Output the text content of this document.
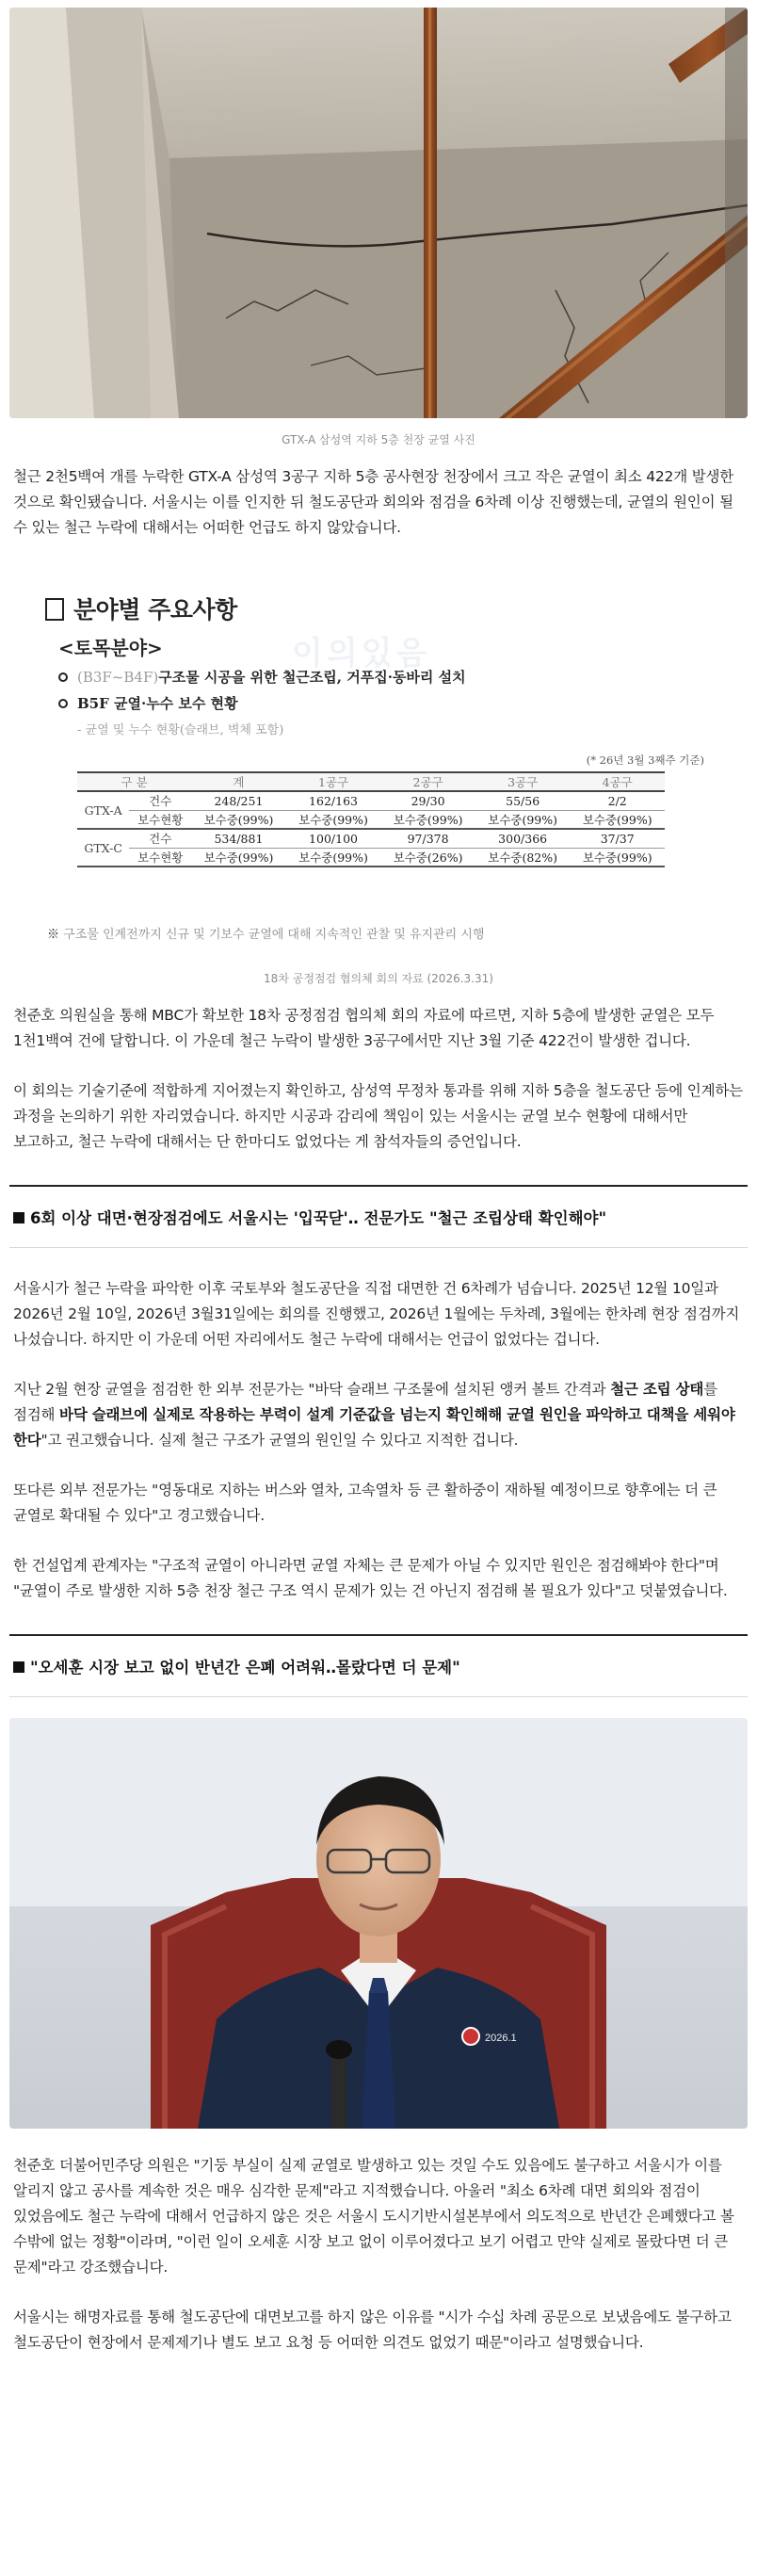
GTX-A 삼성역 지하 5층 천장 균열 사진

철근 2천5백여 개를 누락한 GTX-A 삼성역 3공구 지하 5층 공사현장 천장에서 크고 작은 균열이 최소 422개 발생한 것으로 확인됐습니다. 서울시는 이를 인지한 뒤 철도공단과 회의와 점검을 6차례 이상 진행했는데, 균열의 원인이 될 수 있는 철근 누락에 대해서는 어떠한 언급도 하지 않았습니다.

이의있음
분야별 주요사항
<토목분야>
(B3F~B4F)구조물 시공을 위한 철근조립, 거푸집·동바리 설치
B5F 균열·누수 보수 현황
- 균열 및 누수 현황(슬래브, 벽체 포함)
(* 26년 3월 3째주 기준)
구 분		계	1공구	2공구	3공구	4공구
GTX-A	건수	248/251	162/163	29/30	55/56	2/2
	보수현황	보수중(99%)	보수중(99%)	보수중(99%)	보수중(99%)	보수중(99%)
GTX-C	건수	534/881	100/100	97/378	300/366	37/37
	보수현황	보수중(99%)	보수중(99%)	보수중(26%)	보수중(82%)	보수중(99%)
※ 구조물 인계전까지 신규 및 기보수 균열에 대해 지속적인 관찰 및 유지관리 시행
18차 공정점검 협의체 회의 자료 (2026.3.31)

천준호 의원실을 통해 MBC가 확보한 18차 공정점검 협의체 회의 자료에 따르면, 지하 5층에 발생한 균열은 모두 1천1백여 건에 달합니다. 이 가운데 철근 누락이 발생한 3공구에서만 지난 3월 기준 422건이 발생한 겁니다.

이 회의는 기술기준에 적합하게 지어졌는지 확인하고, 삼성역 무정차 통과를 위해 지하 5층을 철도공단 등에 인계하는 과정을 논의하기 위한 자리였습니다. 하지만 시공과 감리에 책임이 있는 서울시는 균열 보수 현황에 대해서만 보고하고, 철근 누락에 대해서는 단 한마디도 없었다는 게 참석자들의 증언입니다.

6회 이상 대면·현장점검에도 서울시는 '입꾹닫'‥ 전문가도 "철근 조립상태 확인해야"

서울시가 철근 누락을 파악한 이후 국토부와 철도공단을 직접 대면한 건 6차례가 넘습니다. 2025년 12월 10일과 2026년 2월 10일, 2026년 3월31일에는 회의를 진행했고, 2026년 1월에는 두차례, 3월에는 한차례 현장 점검까지 나섰습니다. 하지만 이 가운데 어떤 자리에서도 철근 누락에 대해서는 언급이 없었다는 겁니다.

지난 2월 현장 균열을 점검한 한 외부 전문가는 "바닥 슬래브 구조물에 설치된 앵커 볼트 간격과 철근 조립 상태를 점검해 바닥 슬래브에 실제로 작용하는 부력이 설계 기준값을 넘는지 확인해해 균열 원인을 파악하고 대책을 세워야 한다"고 권고했습니다. 실제 철근 구조가 균열의 원인일 수 있다고 지적한 겁니다.

또다른 외부 전문가는 "영동대로 지하는 버스와 열차, 고속열차 등 큰 활하중이 재하될 예정이므로 향후에는 더 큰 균열로 확대될 수 있다"고 경고했습니다.

한 건설업계 관계자는 "구조적 균열이 아니라면 균열 자체는 큰 문제가 아닐 수 있지만 원인은 점검해봐야 한다"며 "균열이 주로 발생한 지하 5층 천장 철근 구조 역시 문제가 있는 건 아닌지 점검해 볼 필요가 있다"고 덧붙였습니다.

"오세훈 시장 보고 없이 반년간 은폐 어려워‥몰랐다면 더 문제"
2026.1

천준호 더불어민주당 의원은 "기둥 부실이 실제 균열로 발생하고 있는 것일 수도 있음에도 불구하고 서울시가 이를 알리지 않고 공사를 계속한 것은 매우 심각한 문제"라고 지적했습니다. 아울러 "최소 6차례 대면 회의와 점검이 있었음에도 철근 누락에 대해서 언급하지 않은 것은 서울시 도시기반시설본부에서 의도적으로 반년간 은폐했다고 볼 수밖에 없는 정황"이라며, "이런 일이 오세훈 시장 보고 없이 이루어졌다고 보기 어렵고 만약 실제로 몰랐다면 더 큰 문제"라고 강조했습니다.

서울시는 해명자료를 통해 철도공단에 대면보고를 하지 않은 이유를 "시가 수십 차례 공문으로 보냈음에도 불구하고 철도공단이 현장에서 문제제기나 별도 보고 요청 등 어떠한 의견도 없었기 때문"이라고 설명했습니다.
